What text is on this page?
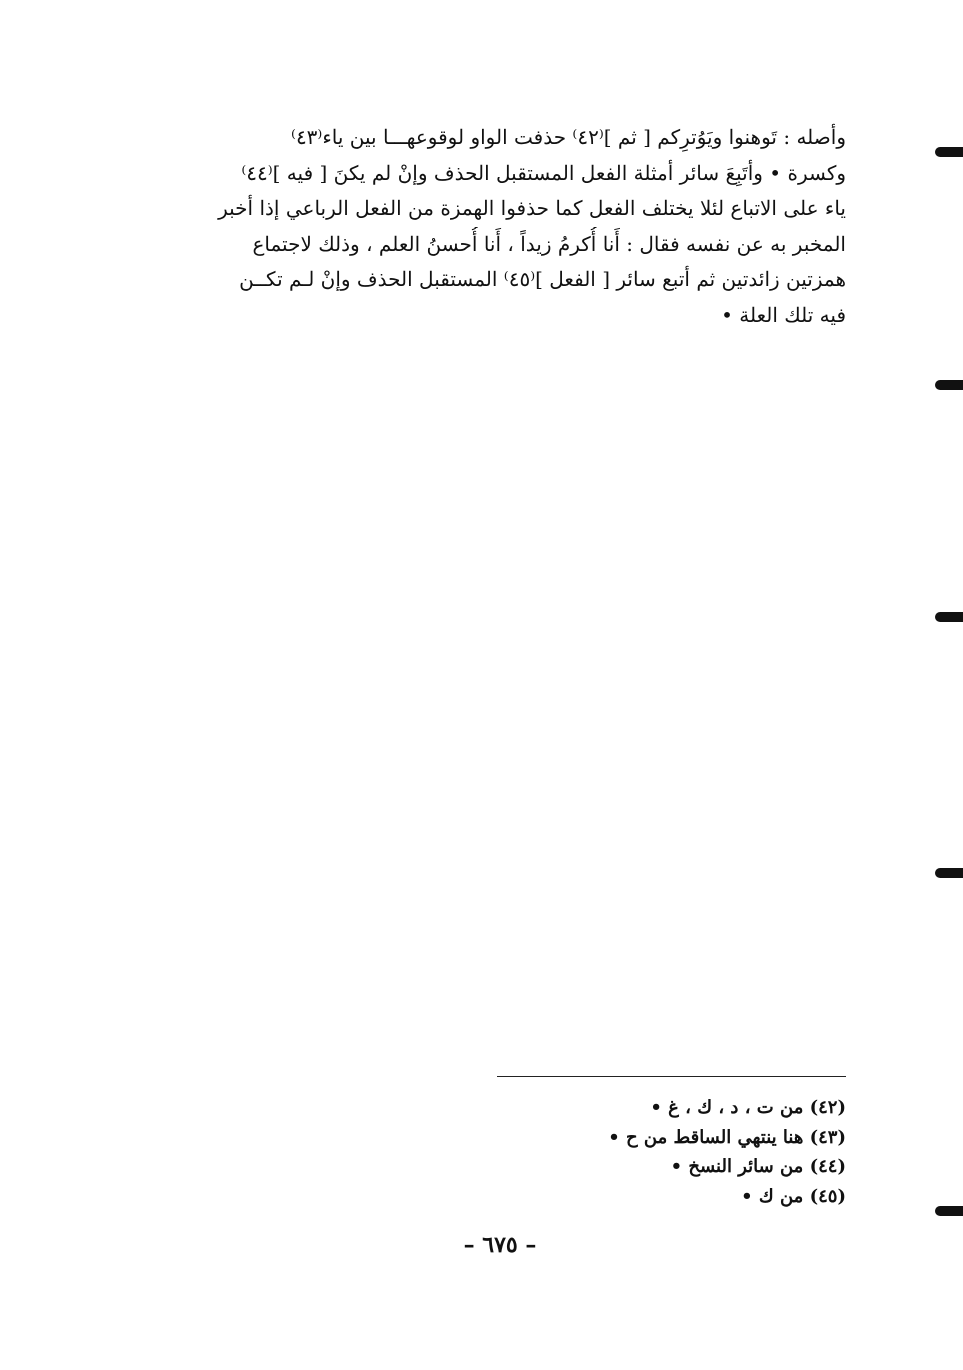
وأصله : تَوهنوا ويَوُترِكم [ ثم ]⁽٤٢⁾ حذفت الواو لوقوعهـــا بين ياء⁽٤٣⁾
وكسرة • وأتَبِعَ سائر أمثلة الفعل المستقبل الحذف وإنْ لم يكنَ [ فيه ]⁽٤٤⁾
ياء على الاتباع لئلا يختلف الفعل كما حذفوا الهمزة من الفعل الرباعي إذا أخبر
المخبر به عن نفسه فقال : أَنا أُكرمُ زيداً ، أَنا أُحسنُ العلم ، وذلك لاجتماع
همزتين زائدتين ثم أتبع سائر [ الفعل ]⁽٤٥⁾ المستقبل الحذف وإنْ لـم تكــن
فيه تلك العلة •
(٤٢) من ت ، د ، ك ، غ •
(٤٣) هنا ينتهي الساقط من ح •
(٤٤) من سائر النسخ •
(٤٥) من ك •
– ٦٧٥ –
